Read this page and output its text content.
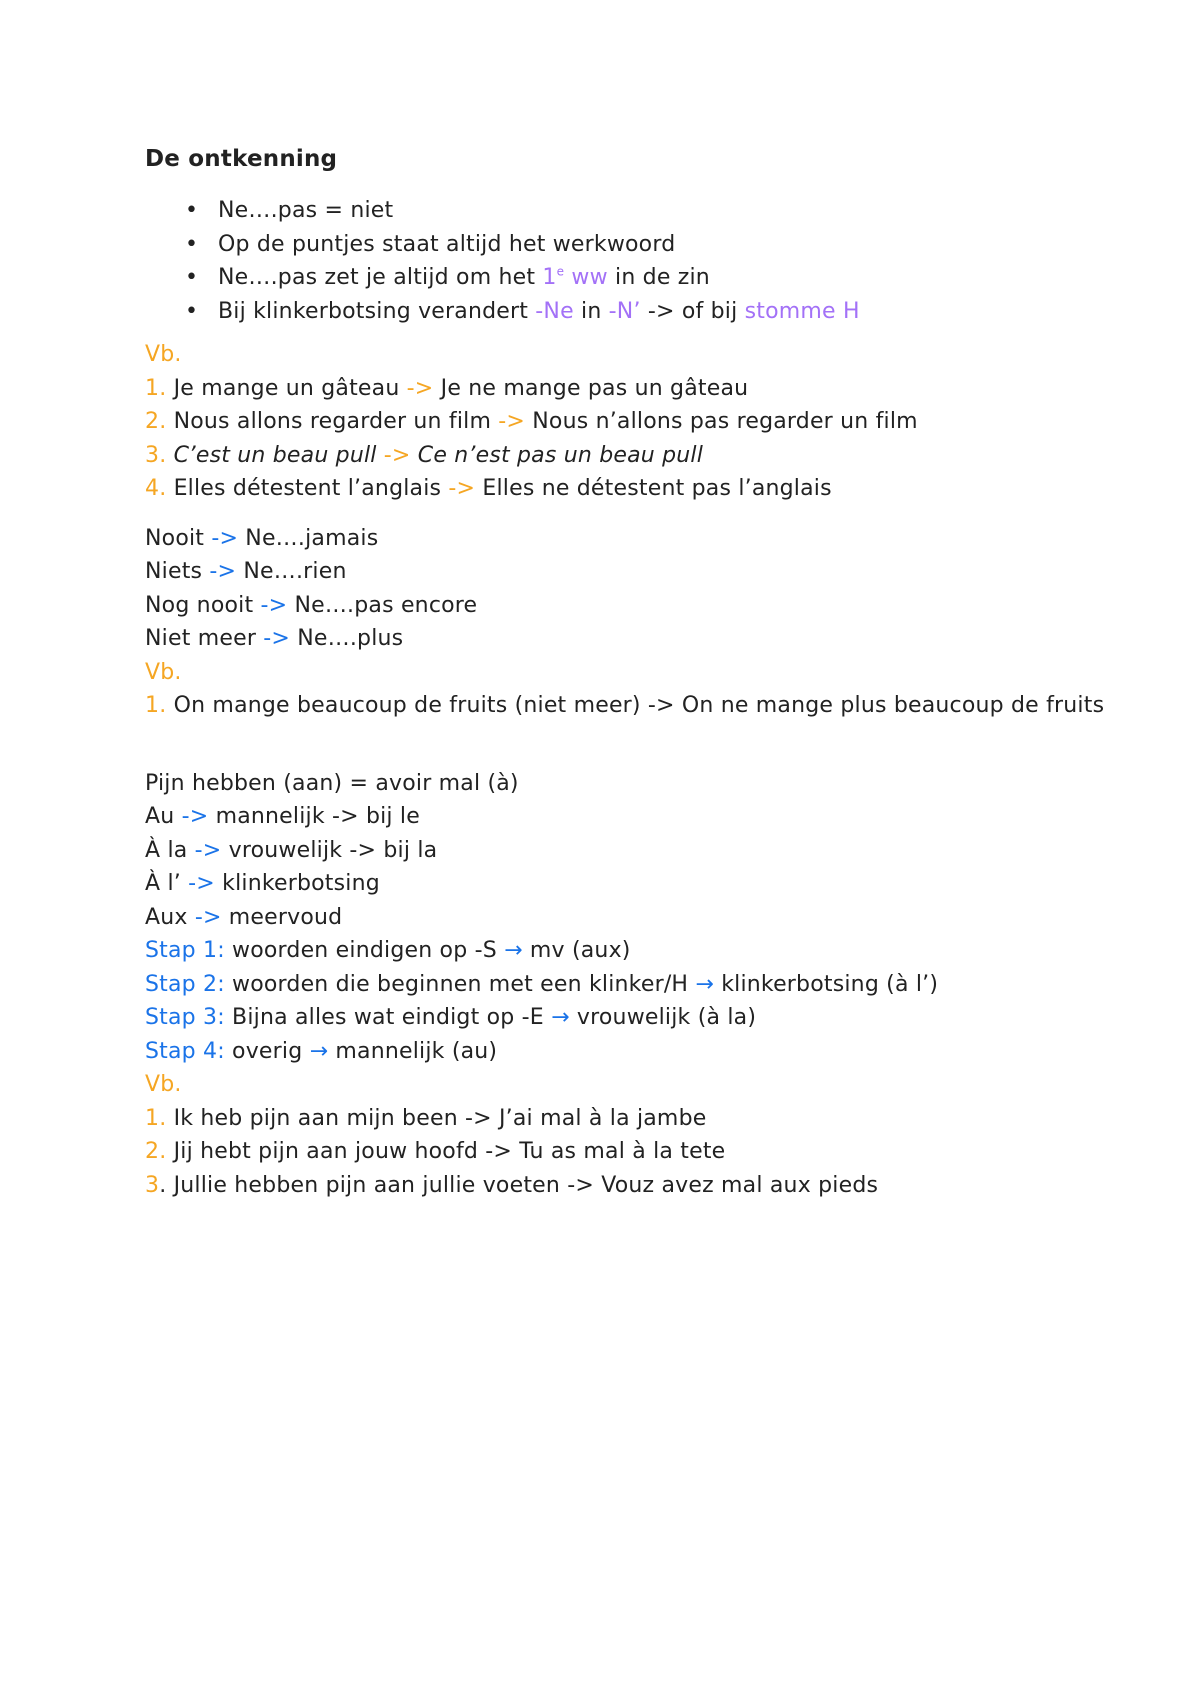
De ontkenning
• Ne….pas = niet
• Op de puntjes staat altijd het werkwoord
• Ne….pas zet je altijd om het 1e ww in de zin
• Bij klinkerbotsing verandert -Ne in -N’ -> of bij stomme H
Vb.
1. Je mange un gâteau -> Je ne mange pas un gâteau
2. Nous allons regarder un film -> Nous n’allons pas regarder un film
3. C’est un beau pull -> Ce n’est pas un beau pull
4. Elles détestent l’anglais -> Elles ne détestent pas l’anglais
Nooit -> Ne….jamais
Niets -> Ne….rien
Nog nooit -> Ne….pas encore
Niet meer -> Ne….plus
Vb.
1. On mange beaucoup de fruits (niet meer) -> On ne mange plus beaucoup de fruits
Pijn hebben (aan) = avoir mal (à)
Au -> mannelijk -> bij le
À la -> vrouwelijk -> bij la
À l’ -> klinkerbotsing
Aux -> meervoud
Stap 1: woorden eindigen op -S → mv (aux)
Stap 2: woorden die beginnen met een klinker/H → klinkerbotsing (à l’)
Stap 3: Bijna alles wat eindigt op -E → vrouwelijk (à la)
Stap 4: overig → mannelijk (au)
Vb.
1. Ik heb pijn aan mijn been -> J’ai mal à la jambe
2. Jij hebt pijn aan jouw hoofd -> Tu as mal à la tete
3. Jullie hebben pijn aan jullie voeten -> Vouz avez mal aux pieds
